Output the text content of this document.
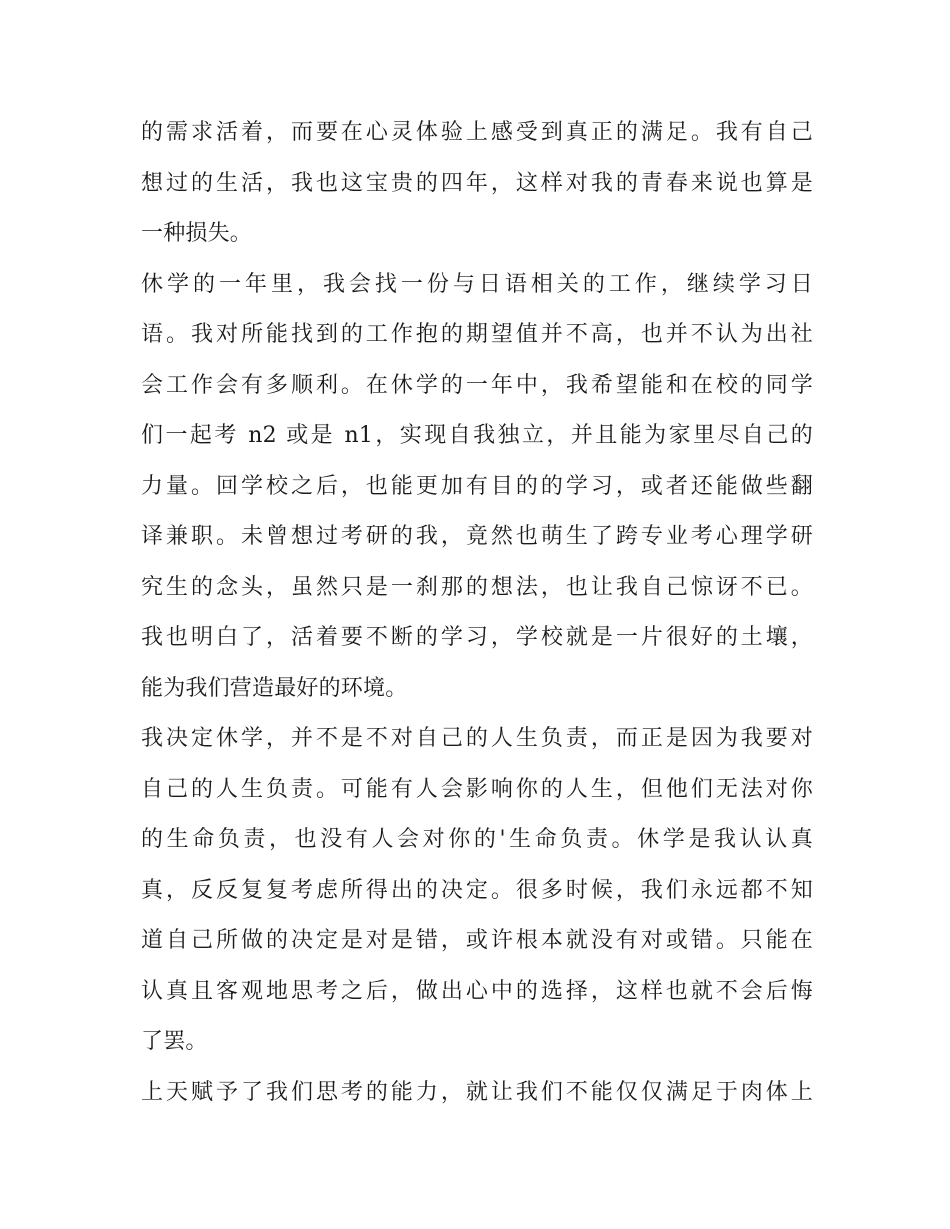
的需求活着，而要在心灵体验上感受到真正的满足。我有自己
想过的生活，我也这宝贵的四年，这样对我的青春来说也算是
一种损失。
休学的一年里，我会找一份与日语相关的工作，继续学习日
语。我对所能找到的工作抱的期望值并不高，也并不认为出社
会工作会有多顺利。在休学的一年中，我希望能和在校的同学
们一起考 n2 或是 n1，实现自我独立，并且能为家里尽自己的
力量。回学校之后，也能更加有目的的学习，或者还能做些翻
译兼职。未曾想过考研的我，竟然也萌生了跨专业考心理学研
究生的念头，虽然只是一刹那的想法，也让我自己惊讶不已。
我也明白了，活着要不断的学习，学校就是一片很好的土壤，
能为我们营造最好的环境。
我决定休学，并不是不对自己的人生负责，而正是因为我要对
自己的人生负责。可能有人会影响你的人生，但他们无法对你
的生命负责，也没有人会对你的'生命负责。休学是我认认真
真，反反复复考虑所得出的决定。很多时候，我们永远都不知
道自己所做的决定是对是错，或许根本就没有对或错。只能在
认真且客观地思考之后，做出心中的选择，这样也就不会后悔
了罢。
上天赋予了我们思考的能力，就让我们不能仅仅满足于肉体上
